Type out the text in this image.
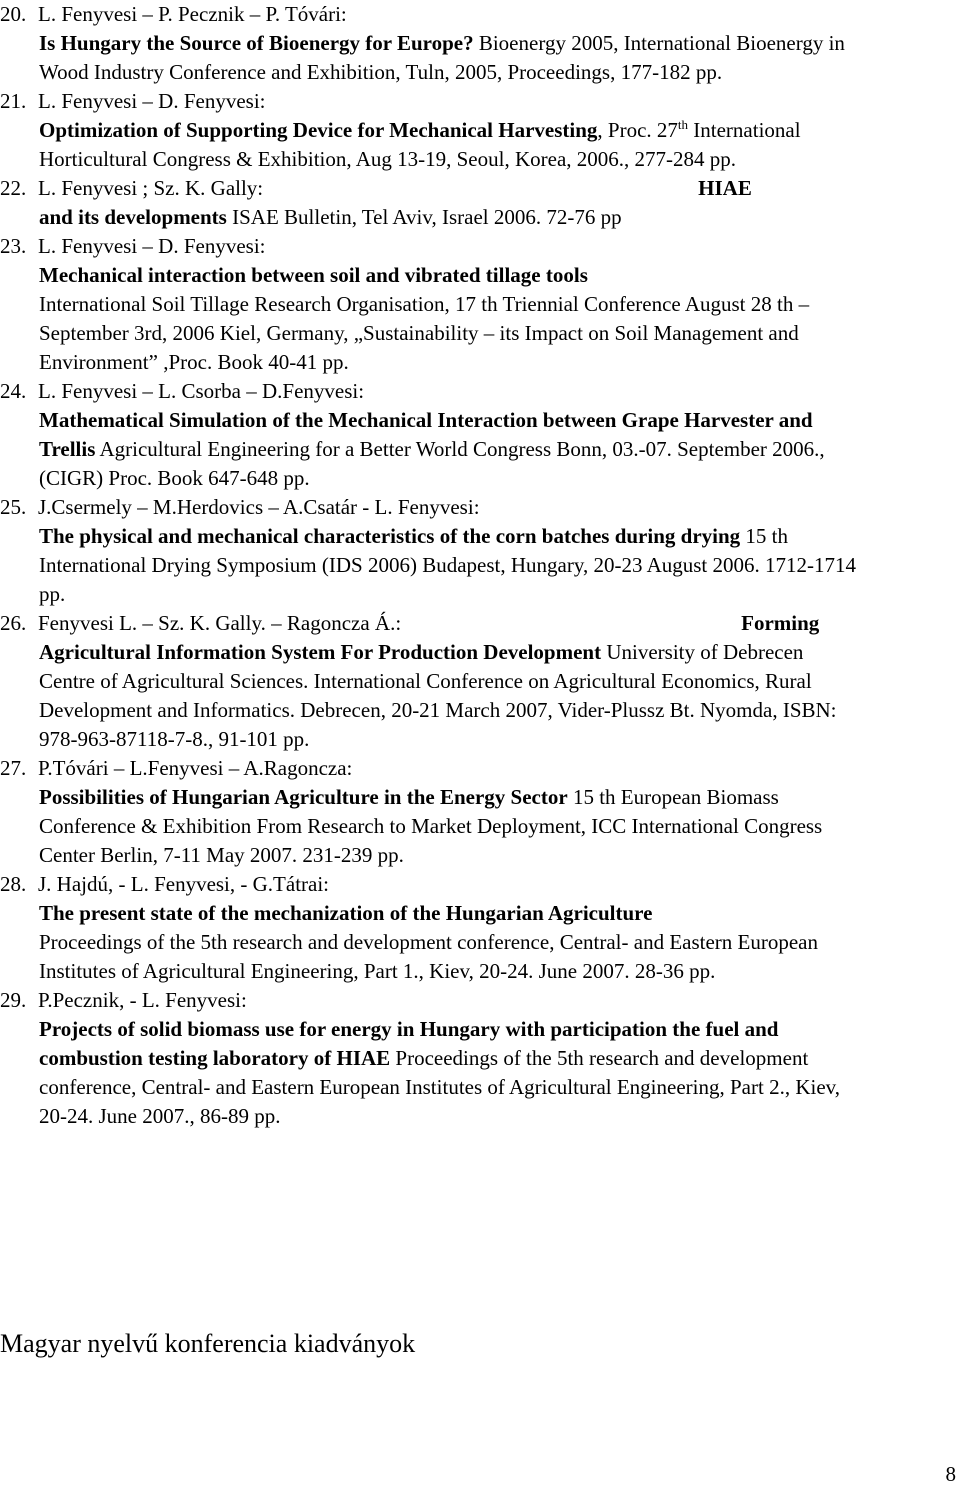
20. L. Fenyvesi – P. Pecznik – P. Tóvári:
Is Hungary the Source of Bioenergy for Europe? Bioenergy 2005, International Bioenergy in Wood Industry Conference and Exhibition, Tuln, 2005, Proceedings, 177-182 pp.
21. L. Fenyvesi – D. Fenyvesi:
Optimization of Supporting Device for Mechanical Harvesting, Proc. 27th International Horticultural Congress & Exhibition, Aug 13-19, Seoul, Korea, 2006., 277-284 pp.
22. L. Fenyvesi ; Sz. K. Gally:	HIAE
and its developments ISAE Bulletin, Tel Aviv, Israel 2006. 72-76 pp
23. L. Fenyvesi – D. Fenyvesi:
Mechanical interaction between soil and vibrated tillage tools
International Soil Tillage Research Organisation, 17 th Triennial Conference August 28 th – September 3rd, 2006 Kiel, Germany, „Sustainability – its Impact on Soil Management and Environment” ,Proc. Book 40-41 pp.
24. L. Fenyvesi – L. Csorba – D.Fenyvesi:
Mathematical Simulation of the Mechanical Interaction between Grape Harvester and Trellis Agricultural Engineering for a Better World Congress Bonn, 03.-07. September 2006., (CIGR) Proc. Book 647-648 pp.
25. J.Csermely – M.Herdovics – A.Csatár - L. Fenyvesi:
The physical and mechanical characteristics of the corn batches during drying 15 th International Drying Symposium (IDS 2006) Budapest, Hungary, 20-23 August 2006. 1712-1714 pp.
26. Fenyvesi L. – Sz. K. Gally. – Ragoncza Á.:	Forming
Agricultural Information System For Production Development University of Debrecen Centre of Agricultural Sciences. International Conference on Agricultural Economics, Rural Development and Informatics. Debrecen, 20-21 March 2007, Vider-Plussz Bt. Nyomda, ISBN: 978-963-87118-7-8., 91-101 pp.
27. P.Tóvári – L.Fenyvesi – A.Ragoncza:
Possibilities of Hungarian Agriculture in the Energy Sector 15 th European Biomass Conference & Exhibition From Research to Market Deployment, ICC International Congress Center Berlin, 7-11 May 2007. 231-239 pp.
28. J. Hajdú, - L. Fenyvesi, - G.Tátrai:
The present state of the mechanization of the Hungarian Agriculture
Proceedings of the 5th research and development conference, Central- and Eastern European Institutes of Agricultural Engineering, Part 1., Kiev, 20-24. June 2007. 28-36 pp.
29. P.Pecznik, - L. Fenyvesi:
Projects of solid biomass use for energy in Hungary with participation the fuel and combustion testing laboratory of HIAE Proceedings of the 5th research and development conference, Central- and Eastern European Institutes of Agricultural Engineering, Part 2., Kiev, 20-24. June 2007., 86-89 pp.
Magyar nyelvű konferencia kiadványok
8
